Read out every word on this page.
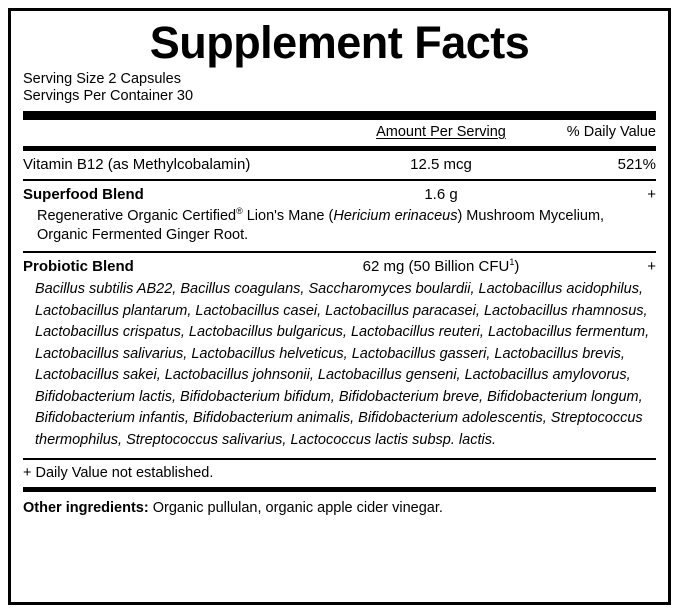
Supplement Facts
Serving Size 2 Capsules
Servings Per Container 30
Amount Per Serving	% Daily Value
Vitamin B12 (as Methylcobalamin)	12.5 mcg	521%
Superfood Blend	1.6 g	+
Regenerative Organic Certified® Lion's Mane (Hericium erinaceus) Mushroom Mycelium, Organic Fermented Ginger Root.
Probiotic Blend	62 mg (50 Billion $CFU^1$)	+
Bacillus subtilis AB22, Bacillus coagulans, Saccharomyces boulardii, Lactobacillus acidophilus, Lactobacillus plantarum, Lactobacillus casei, Lactobacillus paracasei, Lactobacillus rhamnosus, Lactobacillus crispatus, Lactobacillus bulgaricus, Lactobacillus reuteri, Lactobacillus fermentum, Lactobacillus salivarius, Lactobacillus helveticus, Lactobacillus gasseri, Lactobacillus brevis, Lactobacillus sakei, Lactobacillus johnsonii, Lactobacillus genseni, Lactobacillus amylovorus, Bifidobacterium lactis, Bifidobacterium bifidum, Bifidobacterium breve, Bifidobacterium longum, Bifidobacterium infantis, Bifidobacterium animalis, Bifidobacterium adolescentis, Streptococcus thermophilus, Streptococcus salivarius, Lactococcus lactis subsp. lactis.
+ Daily Value not established.
Other ingredients: Organic pullulan, organic apple cider vinegar.
